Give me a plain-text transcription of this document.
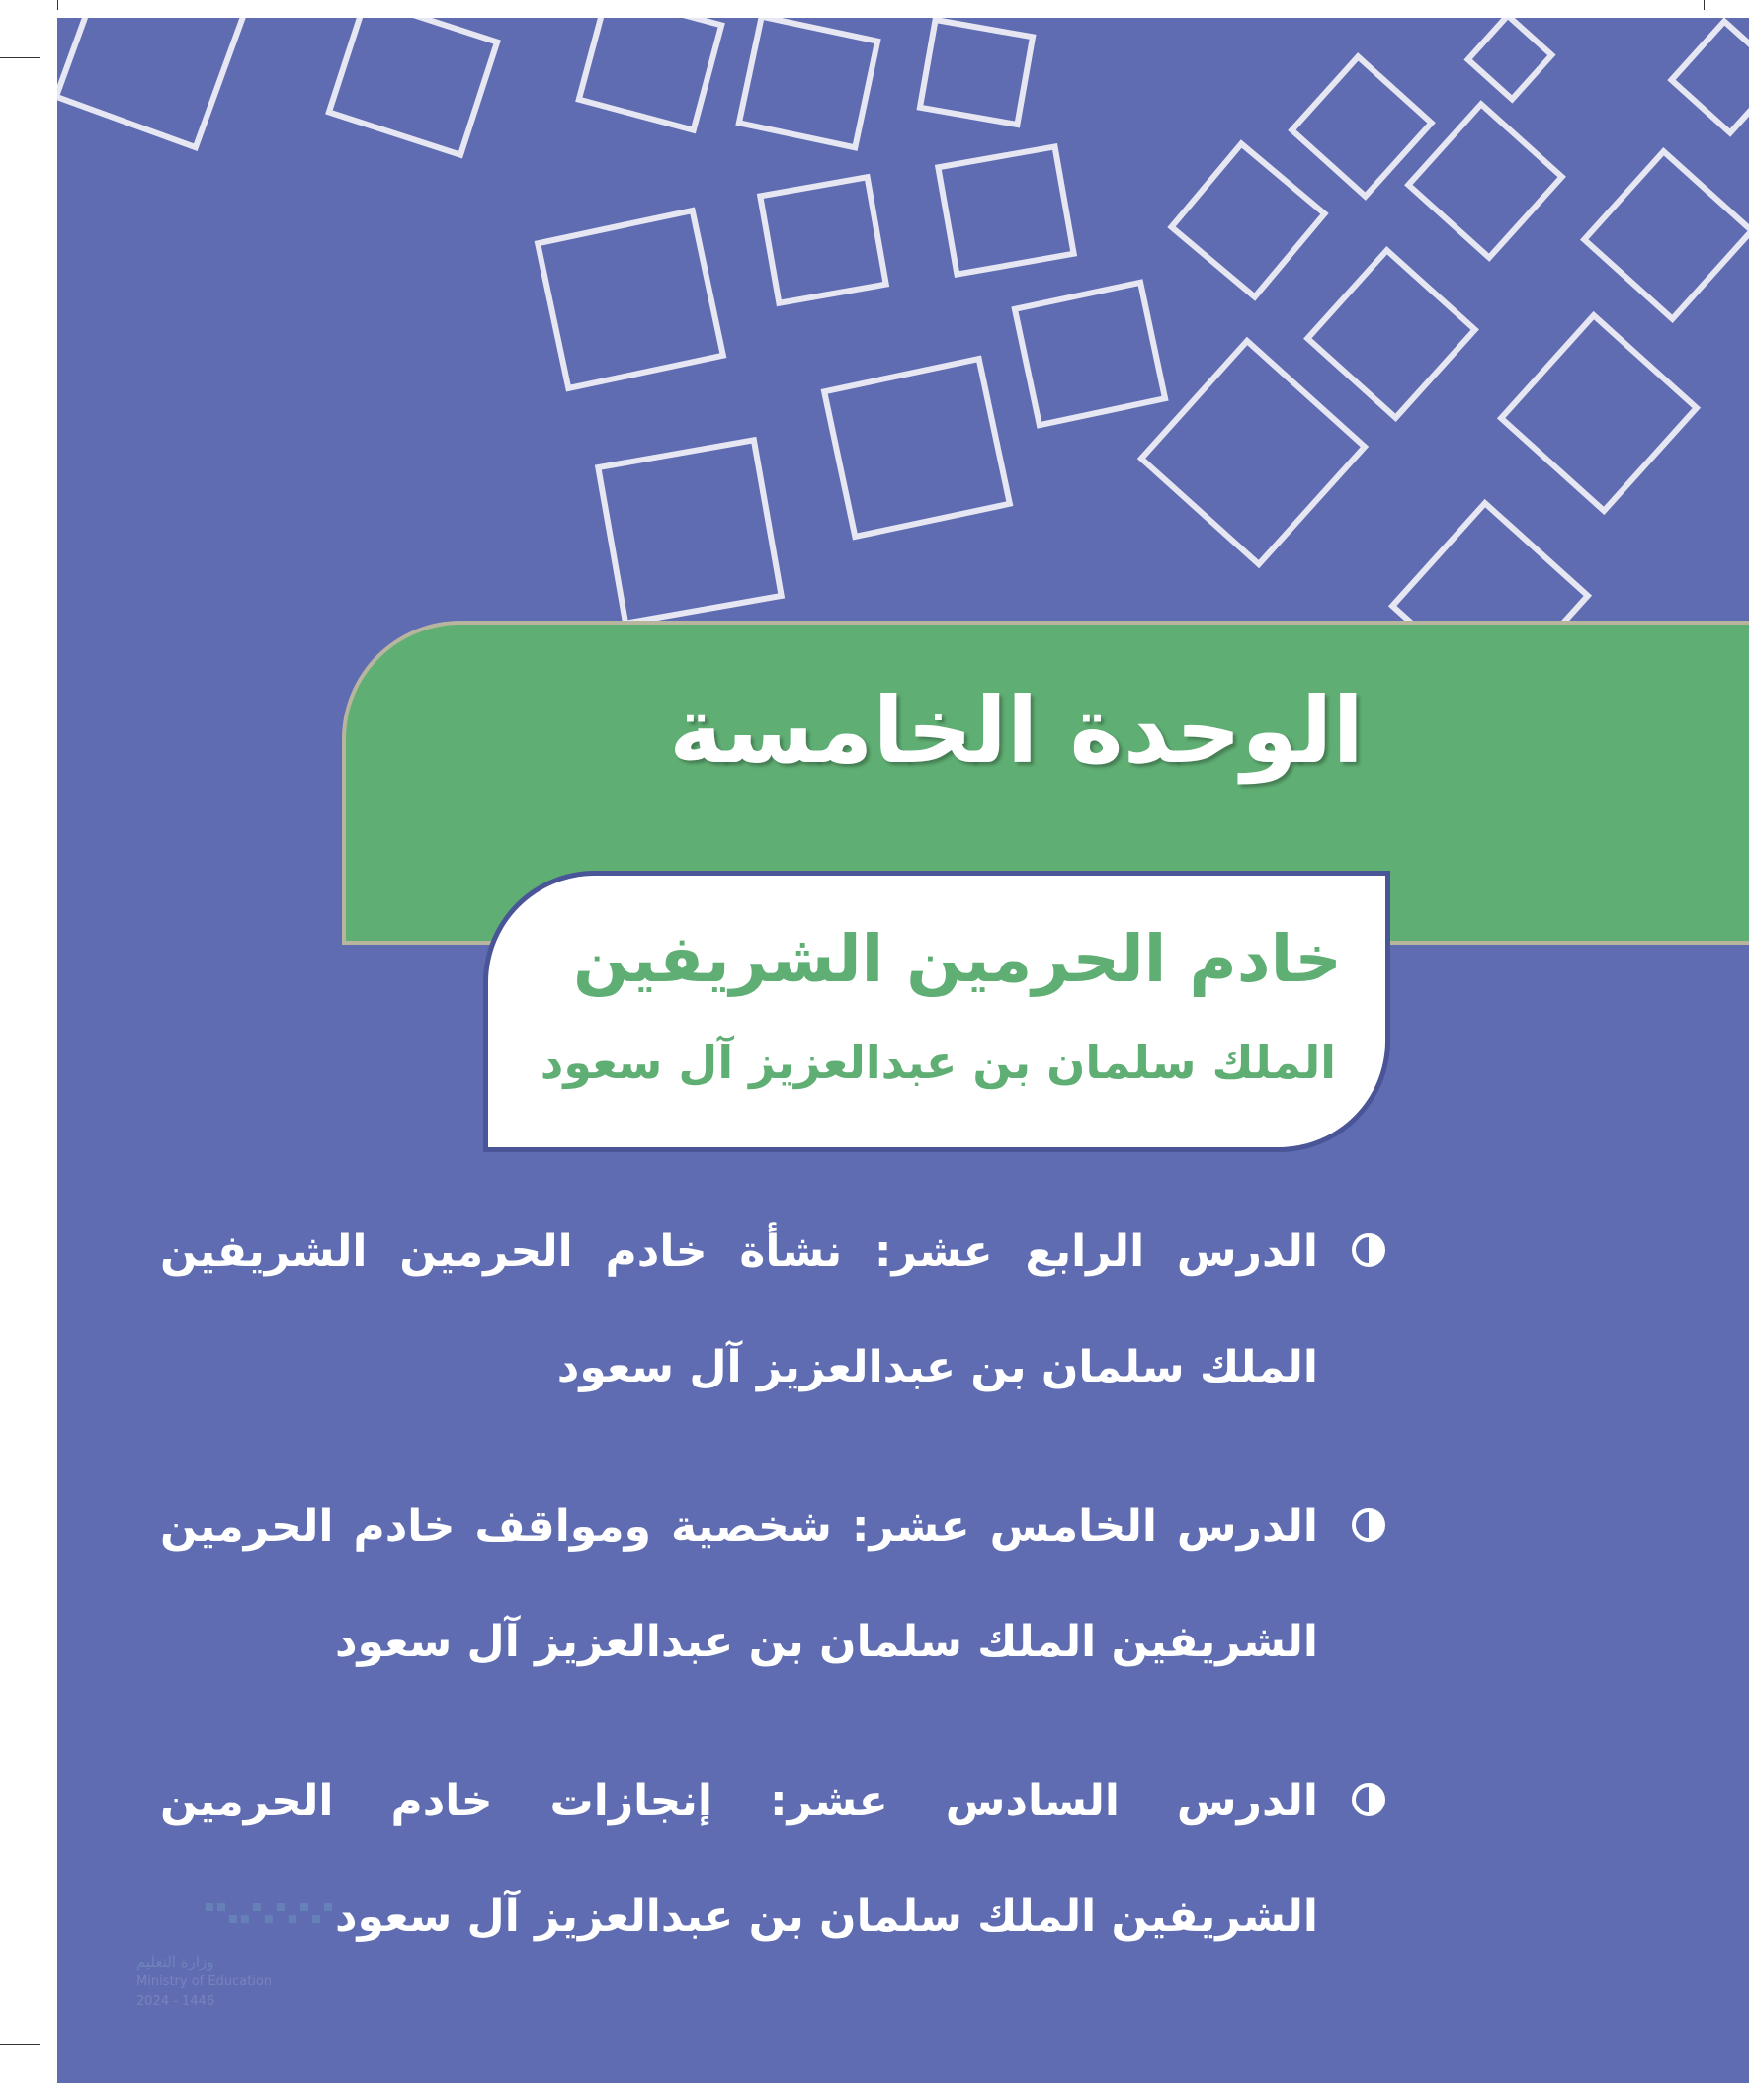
الوحدة الخامسة
خادم الحرمين الشريفين
الملك سلمان بن عبدالعزيز آل سعود
الدرس الرابع عشر: نشأة خادم الحرمين الشريفين الملك سلمان بن عبدالعزيز آل سعود
الدرس الخامس عشر: شخصية ومواقف خادم الحرمين الشريفين الملك سلمان بن عبدالعزيز آل سعود
الدرس السادس عشر: إنجازات خادم الحرمين الشريفين الملك سلمان بن عبدالعزيز آل سعود

وزارة التعليم

Ministry of Education

2024 - 1446
